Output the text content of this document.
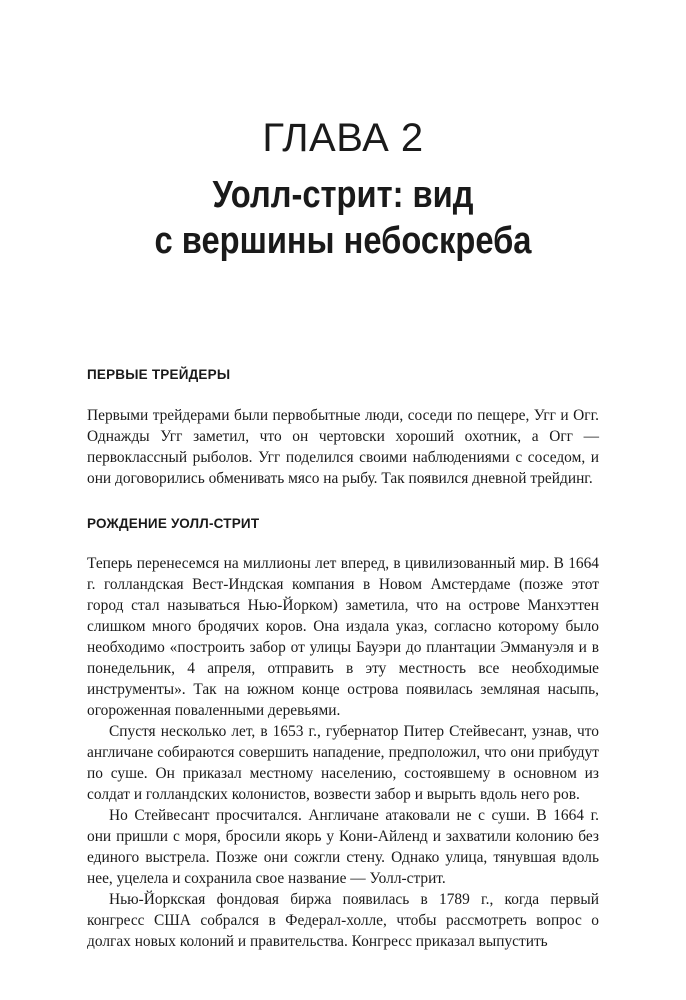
ГЛАВА 2
Уолл-стрит: вид
с вершины небоскреба
ПЕРВЫЕ ТРЕЙДЕРЫ

Первыми трейдерами были первобытные люди, соседи по пещере, Угг и Огг. Однажды Угг заметил, что он чертовски хороший охотник, а Огг — первоклассный рыболов. Угг поделился своими наблюдениями с соседом, и они договорились обменивать мясо на рыбу. Так появился дневной трейдинг.

РОЖДЕНИЕ УОЛЛ-СТРИТ

Теперь перенесемся на миллионы лет вперед, в цивилизованный мир. В 1664 г. голландская Вест-Индская компания в Новом Амстердаме (позже этот город стал называться Нью-Йорком) заметила, что на острове Манхэттен слишком много бродячих коров. Она издала указ, согласно которому было необходимо «построить забор от улицы Бауэри до плантации Эммануэля и в понедельник, 4 апреля, отправить в эту местность все необходимые инструменты». Так на южном конце острова появилась земляная насыпь, огороженная поваленными деревьями.

Спустя несколько лет, в 1653 г., губернатор Питер Стейвесант, узнав, что англичане собираются совершить нападение, предположил, что они прибудут по суше. Он приказал местному населению, состоявшему в основном из солдат и голландских колонистов, возвести забор и вырыть вдоль него ров.

Но Стейвесант просчитался. Англичане атаковали не с суши. В 1664 г. они пришли с моря, бросили якорь у Кони-Айленд и захватили колонию без единого выстрела. Позже они сожгли стену. Однако улица, тянувшая вдоль нее, уцелела и сохранила свое название — Уолл-стрит.

Нью-Йоркская фондовая биржа появилась в 1789 г., когда первый конгресс США собрался в Федерал-холле, чтобы рассмотреть вопрос о долгах новых колоний и правительства. Конгресс приказал выпустить
